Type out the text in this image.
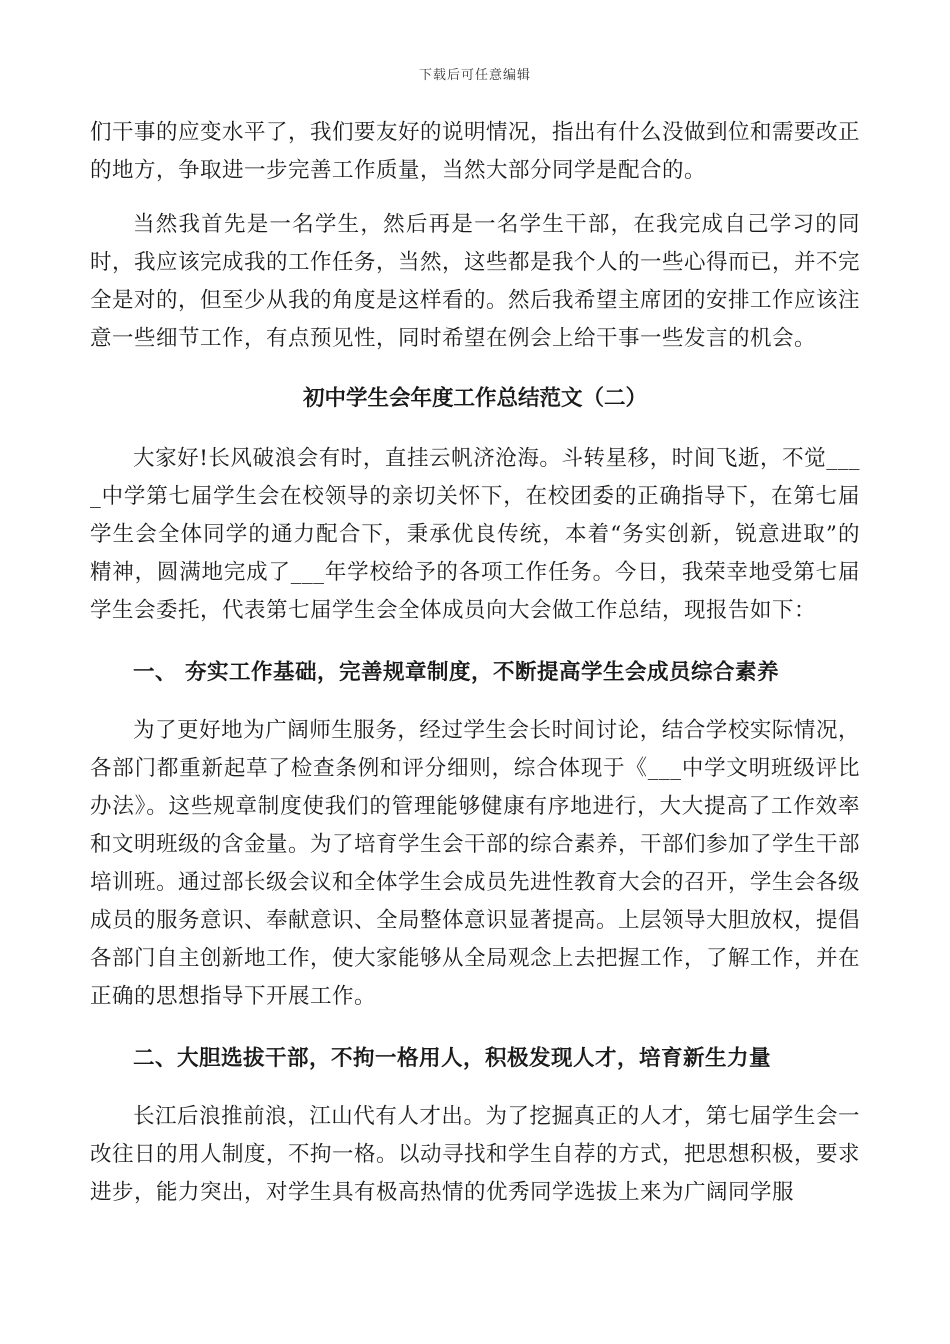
下载后可任意编辑

们干事的应变水平了，我们要友好的说明情况，指出有什么没做到位和需要改正的地方，争取进一步完善工作质量，当然大部分同学是配合的。

当然我首先是一名学生，然后再是一名学生干部，在我完成自己学习的同时，我应该完成我的工作任务，当然，这些都是我个人的一些心得而已，并不完全是对的，但至少从我的角度是这样看的。然后我希望主席团的安排工作应该注意一些细节工作，有点预见性，同时希望在例会上给干事一些发言的机会。

初中学生会年度工作总结范文（二）

大家好!长风破浪会有时，直挂云帆济沧海。斗转星移，时间飞逝，不觉____中学第七届学生会在校领导的亲切关怀下，在校团委的正确指导下，在第七届学生会全体同学的通力配合下，秉承优良传统，本着“务实创新，锐意进取”的精神，圆满地完成了___年学校给予的各项工作任务。今日，我荣幸地受第七届学生会委托，代表第七届学生会全体成员向大会做工作总结，现报告如下：

一、 夯实工作基础，完善规章制度，不断提高学生会成员综合素养

为了更好地为广阔师生服务，经过学生会长时间讨论，结合学校实际情况，各部门都重新起草了检查条例和评分细则，综合体现于《___中学文明班级评比办法》。这些规章制度使我们的管理能够健康有序地进行，大大提高了工作效率和文明班级的含金量。为了培育学生会干部的综合素养，干部们参加了学生干部培训班。通过部长级会议和全体学生会成员先进性教育大会的召开，学生会各级成员的服务意识、奉献意识、全局整体意识显著提高。上层领导大胆放权，提倡各部门自主创新地工作，使大家能够从全局观念上去把握工作，了解工作，并在正确的思想指导下开展工作。

二、大胆选拔干部，不拘一格用人，积极发现人才，培育新生力量

长江后浪推前浪，江山代有人才出。为了挖掘真正的人才，第七届学生会一改往日的用人制度，不拘一格。以动寻找和学生自荐的方式，把思想积极，要求进步，能力突出，对学生具有极高热情的优秀同学选拔上来为广阔同学服
